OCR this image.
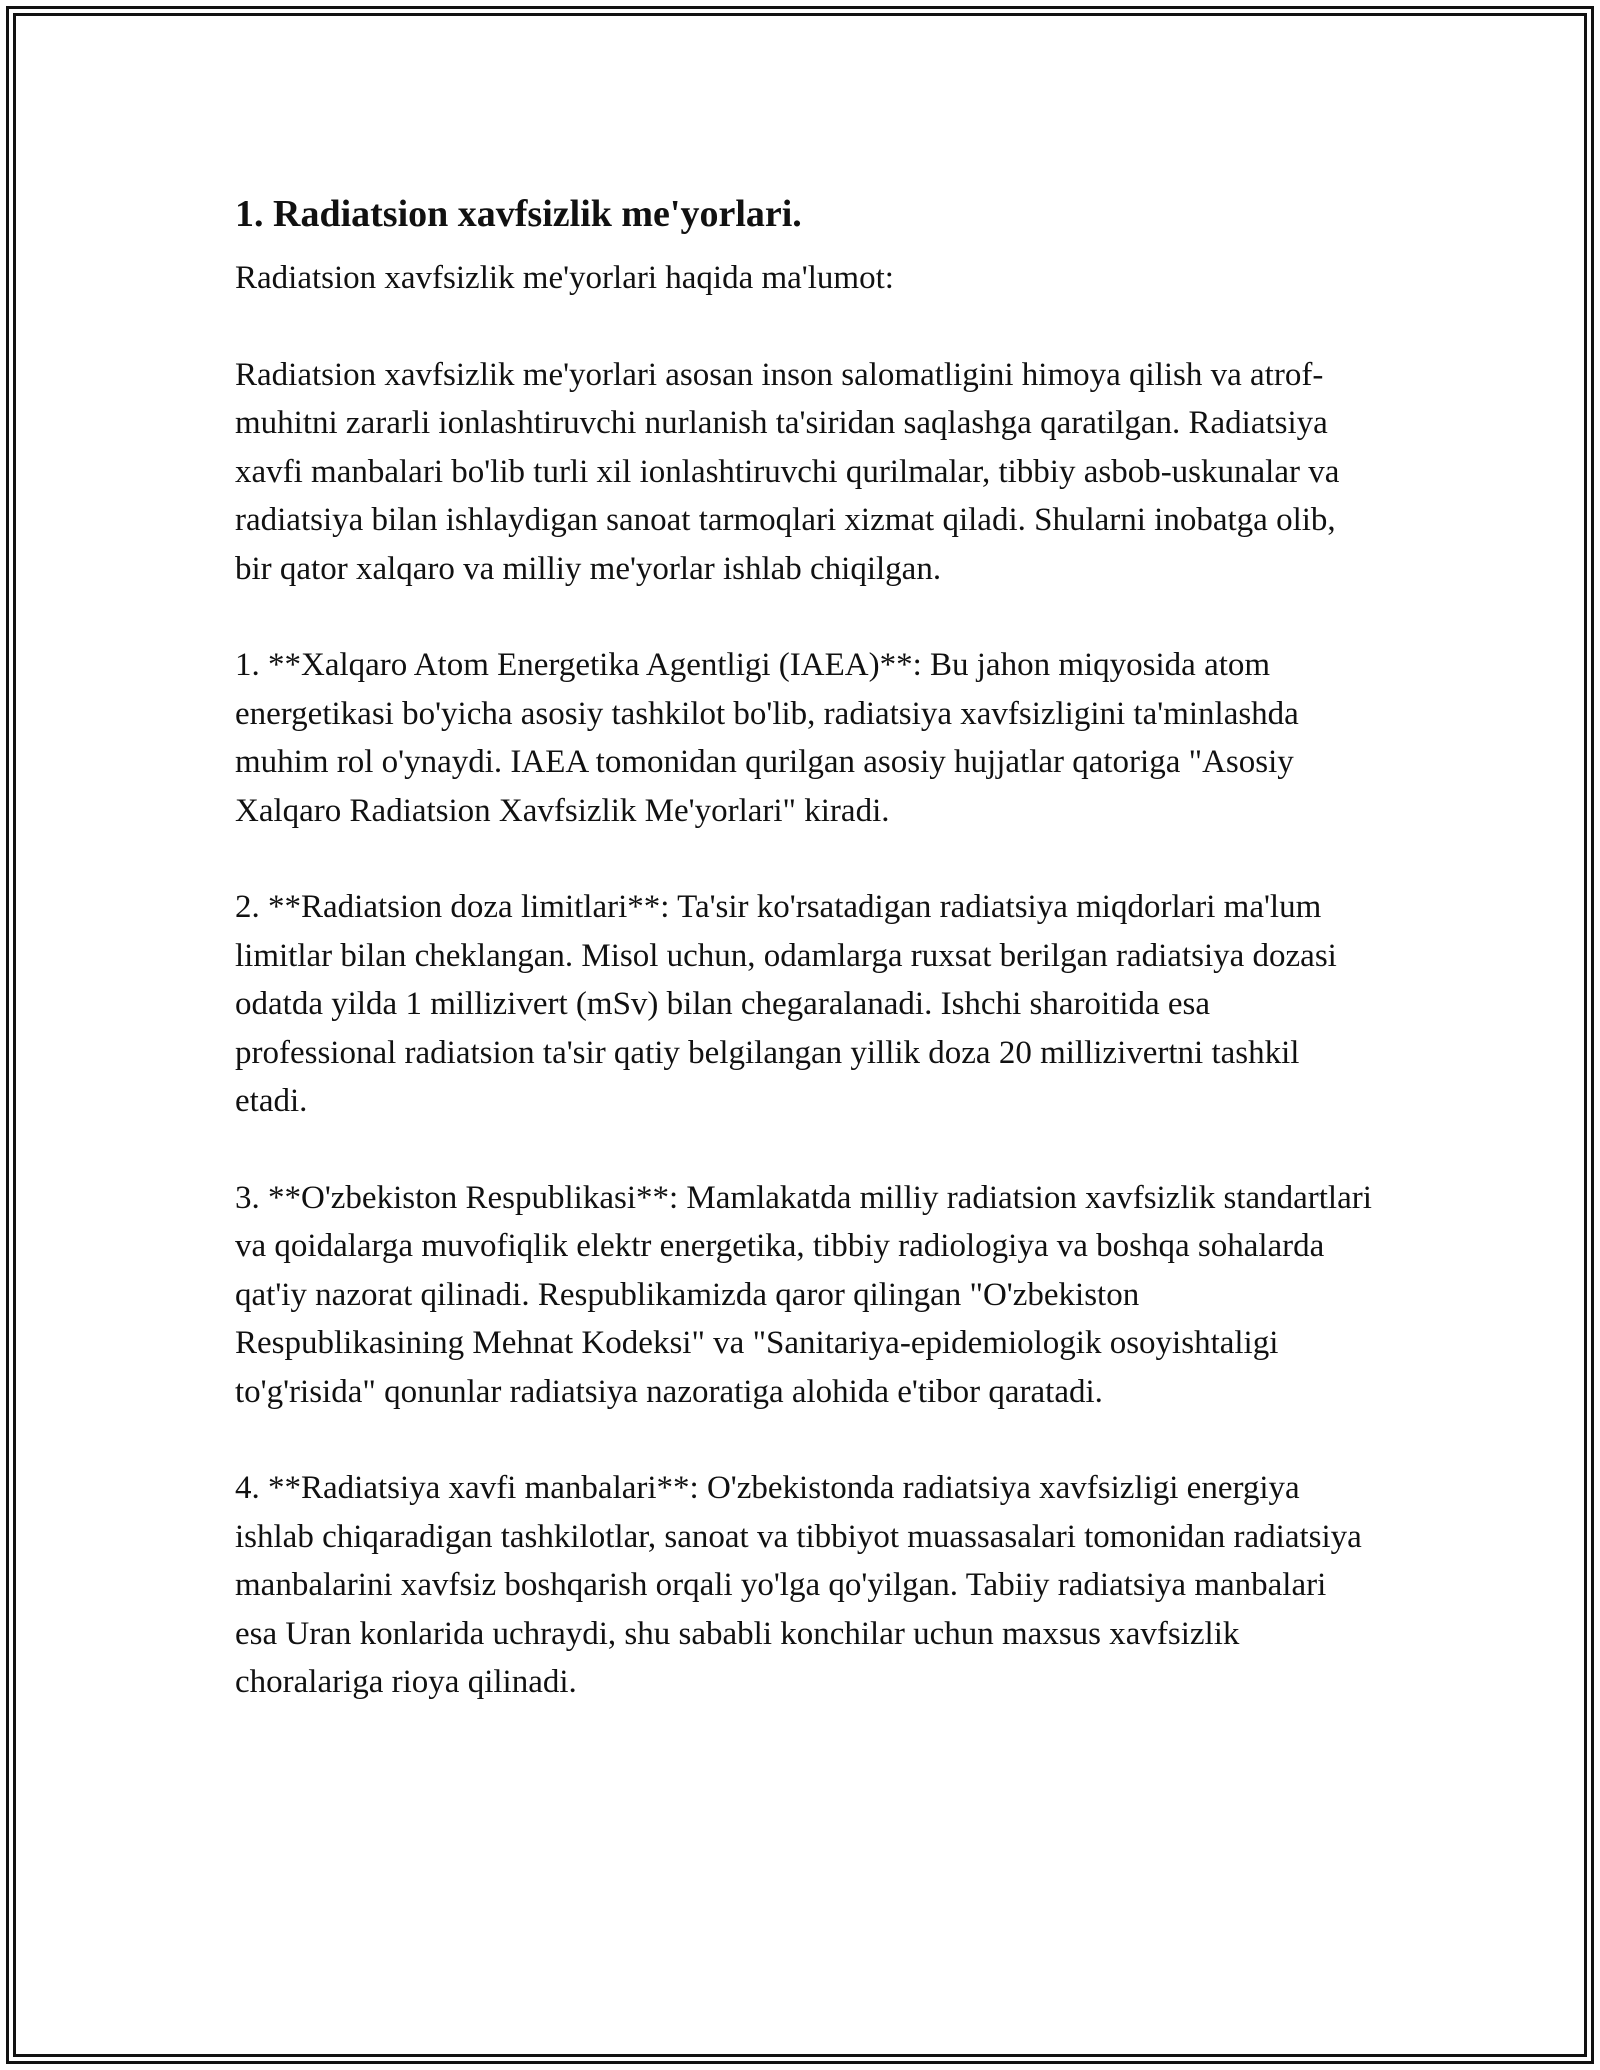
1. Radiatsion xavfsizlik me'yorlari.

Radiatsion xavfsizlik me'yorlari haqida ma'lumot:

Radiatsion xavfsizlik me'yorlari asosan inson salomatligini himoya qilish va atrof-muhitni zararli ionlashtiruvchi nurlanish ta'siridan saqlashga qaratilgan. Radiatsiya xavfi manbalari bo'lib turli xil ionlashtiruvchi qurilmalar, tibbiy asbob-uskunalar va radiatsiya bilan ishlaydigan sanoat tarmoqlari xizmat qiladi. Shularni inobatga olib, bir qator xalqaro va milliy me'yorlar ishlab chiqilgan.

1. **Xalqaro Atom Energetika Agentligi (IAEA)**: Bu jahon miqyosida atom energetikasi bo'yicha asosiy tashkilot bo'lib, radiatsiya xavfsizligini ta'minlashda muhim rol o'ynaydi. IAEA tomonidan qurilgan asosiy hujjatlar qatoriga "Asosiy Xalqaro Radiatsion Xavfsizlik Me'yorlari" kiradi.

2. **Radiatsion doza limitlari**: Ta'sir ko'rsatadigan radiatsiya miqdorlari ma'lum limitlar bilan cheklangan. Misol uchun, odamlarga ruxsat berilgan radiatsiya dozasi odatda yilda 1 millizivert (mSv) bilan chegaralanadi. Ishchi sharoitida esa professional radiatsion ta'sir qatiy belgilangan yillik doza 20 millizivertni tashkil etadi.

3. **O'zbekiston Respublikasi**: Mamlakatda milliy radiatsion xavfsizlik standartlari va qoidalarga muvofiqlik elektr energetika, tibbiy radiologiya va boshqa sohalarda qat'iy nazorat qilinadi. Respublikamizda qaror qilingan "O'zbekiston Respublikasining Mehnat Kodeksi" va "Sanitariya-epidemiologik osoyishtaligi to'g'risida" qonunlar radiatsiya nazoratiga alohida e'tibor qaratadi.

4. **Radiatsiya xavfi manbalari**: O'zbekistonda radiatsiya xavfsizligi energiya ishlab chiqaradigan tashkilotlar, sanoat va tibbiyot muassasalari tomonidan radiatsiya manbalarini xavfsiz boshqarish orqali yo'lga qo'yilgan. Tabiiy radiatsiya manbalari esa Uran konlarida uchraydi, shu sababli konchilar uchun maxsus xavfsizlik choralariga rioya qilinadi.
